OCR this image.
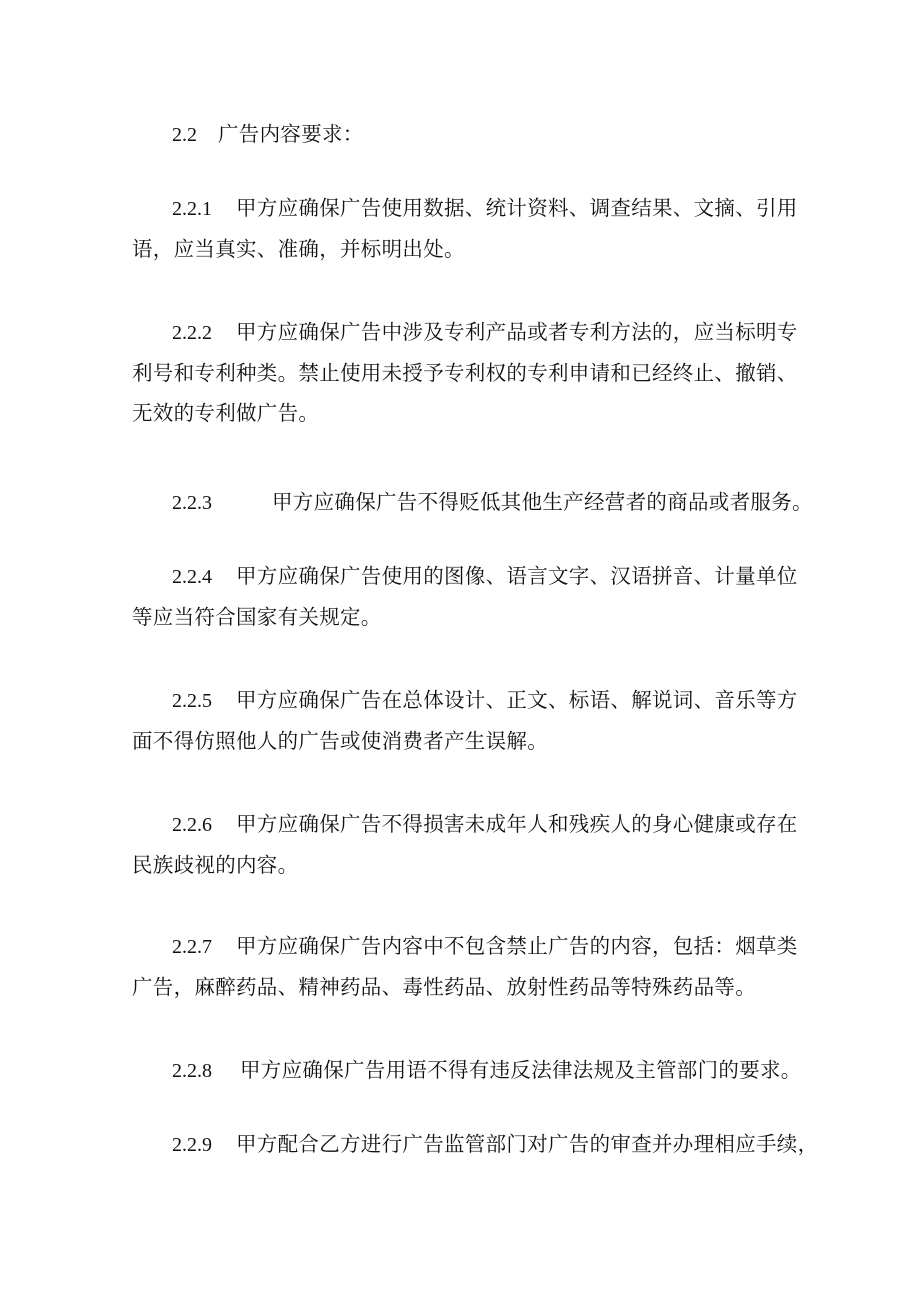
2.2 广告内容要求：

2.2.1 甲方应确保广告使用数据、统计资料、调查结果、文摘、引用
语，应当真实、准确，并标明出处。

2.2.2 甲方应确保广告中涉及专利产品或者专利方法的，应当标明专
利号和专利种类。禁止使用未授予专利权的专利申请和已经终止、撤销、
无效的专利做广告。

2.2.3	甲方应确保广告不得贬低其他生产经营者的商品或者服务。

2.2.4 甲方应确保广告使用的图像、语言文字、汉语拼音、计量单位
等应当符合国家有关规定。

2.2.5 甲方应确保广告在总体设计、正文、标语、解说词、音乐等方
面不得仿照他人的广告或使消费者产生误解。

2.2.6 甲方应确保广告不得损害未成年人和残疾人的身心健康或存在
民族歧视的内容。

2.2.7 甲方应确保广告内容中不包含禁止广告的内容，包括：烟草类
广告，麻醉药品、精神药品、毒性药品、放射性药品等特殊药品等。

2.2.8 甲方应确保广告用语不得有违反法律法规及主管部门的要求。

2.2.9 甲方配合乙方进行广告监管部门对广告的审查并办理相应手续，
